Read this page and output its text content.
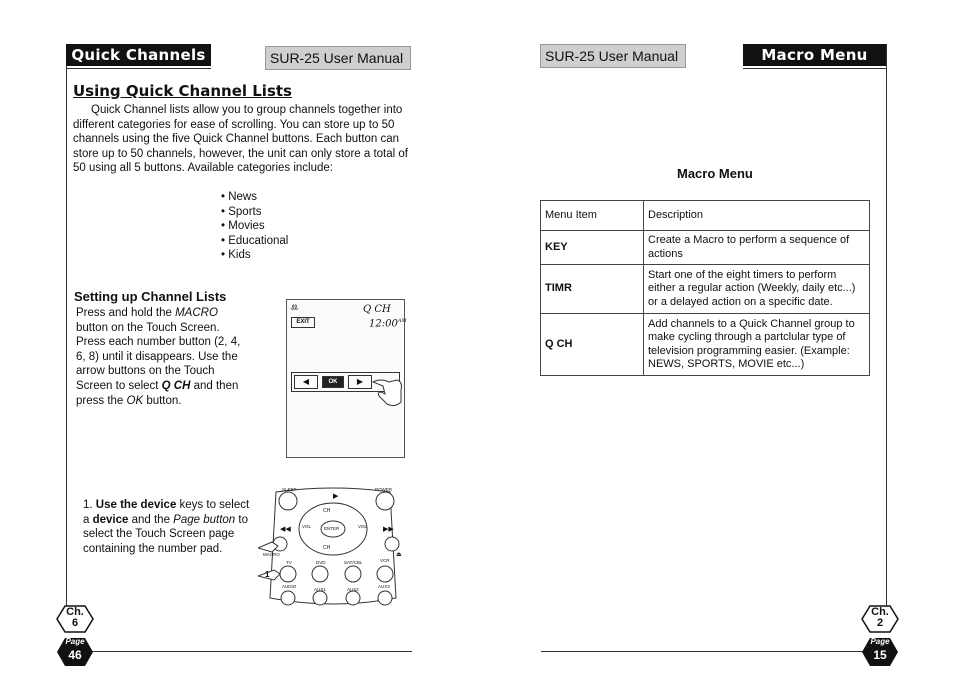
Quick Channels	SUR-25 User Manual
Using Quick Channel Lists
Quick Channel lists allow you to group channels together into different categories for ease of scrolling. You can store up to 50 channels using the five Quick Channel buttons. Each button can store up to 50 channels, however, the unit can only store a total of 50 using all 5 buttons. Available categories include:
• News
• Sports
• Movies
• Educational
• Kids
Setting up Channel Lists
Press and hold the MACRO button on the Touch Screen. Press each number button (2, 4, 6, 8) until it disappears. Use the arrow buttons on the Touch Screen to select Q CH and then press the OK button.
ꔛ
EXIT
Q CH
$12:00^{AM}$
◀	OK	▶
1. Use the device keys to select a device and the Page button to select the Touch Screen page containing the number pad.
SLEEP	POWER
▶
CH
CH
ENTER
VOL	VOL
◀◀	▶▶
MACRO	⏏
TV	DVD	SAT/CBL	VCR
AUDIO
AUX1	AUX2
AUX3
1
Ch.
6
Page
46
SUR-25 User Manual	Macro Menu
Macro Menu
Menu Item	Description
KEY	Create a Macro to perform a sequence of actions
TIMR	Start one of the eight timers to perform either a regular action (Weekly, daily etc...) or a delayed action on a specific date.
Q CH	Add channels to a Quick Channel group to make cycling through a partclular type of television programming easier. (Example: NEWS, SPORTS, MOVIE etc...)
Ch.
2
Page
15
